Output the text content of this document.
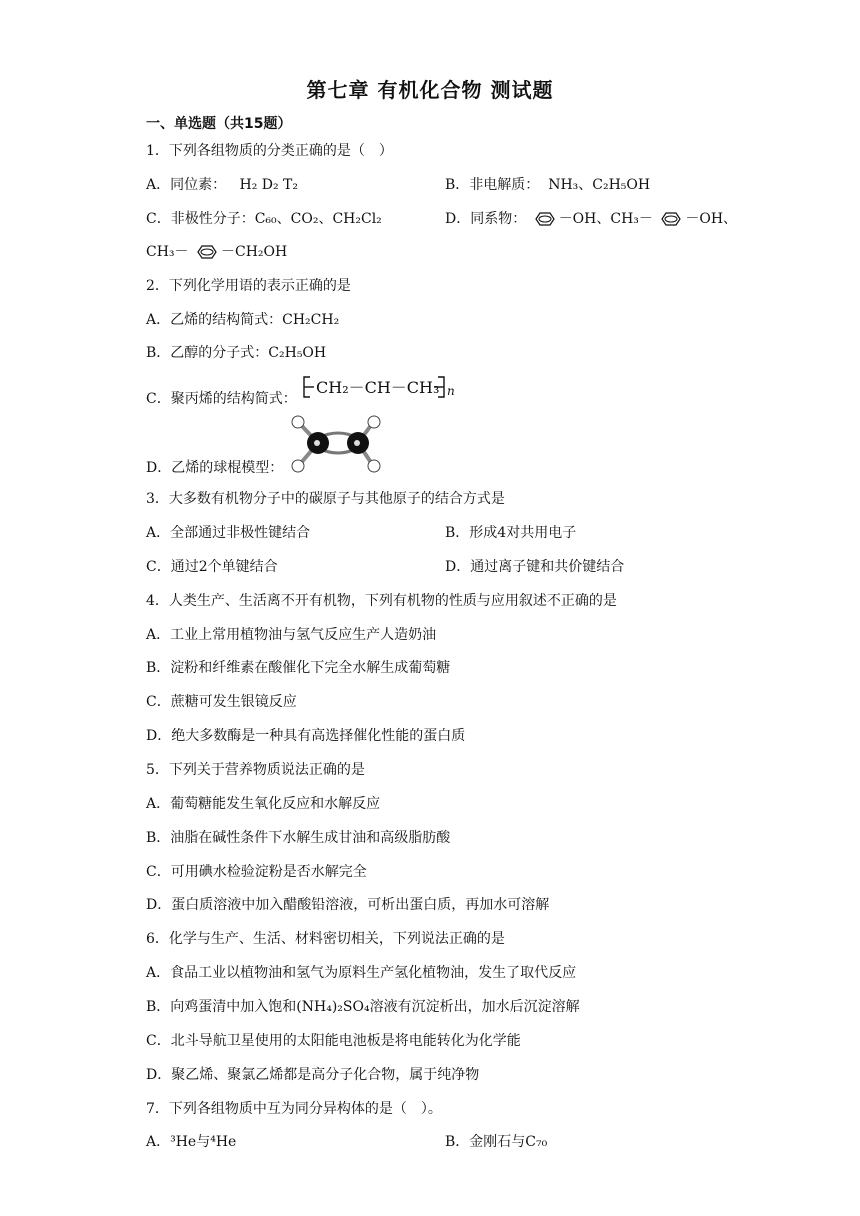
第七章 有机化合物 测试题
一、单选题（共15题）
1．下列各组物质的分类正确的是（　）
A．同位素： H₂ D₂ T₂	B．非电解质： NH₃、C₂H₅OH
C．非极性分子：C₆₀、CO₂、CH₂Cl₂	D．同系物： －OH、CH₃－ －OH、
CH₃－ －CH₂OH
2．下列化学用语的表示正确的是
A．乙烯的结构简式：CH₂CH₂
B．乙醇的分子式：C₂H₅OH
C．聚丙烯的结构简式：
CH₂－CH－CH₃ n
D．乙烯的球棍模型：
3．大多数有机物分子中的碳原子与其他原子的结合方式是
A．全部通过非极性键结合	B．形成4对共用电子
C．通过2个单键结合	D．通过离子键和共价键结合
4．人类生产、生活离不开有机物，下列有机物的性质与应用叙述不正确的是
A．工业上常用植物油与氢气反应生产人造奶油
B．淀粉和纤维素在酸催化下完全水解生成葡萄糖
C．蔗糖可发生银镜反应
D．绝大多数酶是一种具有高选择催化性能的蛋白质
5．下列关于营养物质说法正确的是
A．葡萄糖能发生氧化反应和水解反应
B．油脂在碱性条件下水解生成甘油和高级脂肪酸
C．可用碘水检验淀粉是否水解完全
D．蛋白质溶液中加入醋酸铅溶液，可析出蛋白质，再加水可溶解
6．化学与生产、生活、材料密切相关，下列说法正确的是
A．食品工业以植物油和氢气为原料生产氢化植物油，发生了取代反应
B．向鸡蛋清中加入饱和(NH₄)₂SO₄溶液有沉淀析出，加水后沉淀溶解
C．北斗导航卫星使用的太阳能电池板是将电能转化为化学能
D．聚乙烯、聚氯乙烯都是高分子化合物，属于纯净物
7．下列各组物质中互为同分异构体的是（　）。
A．³He与⁴He	B．金刚石与C₇₀
